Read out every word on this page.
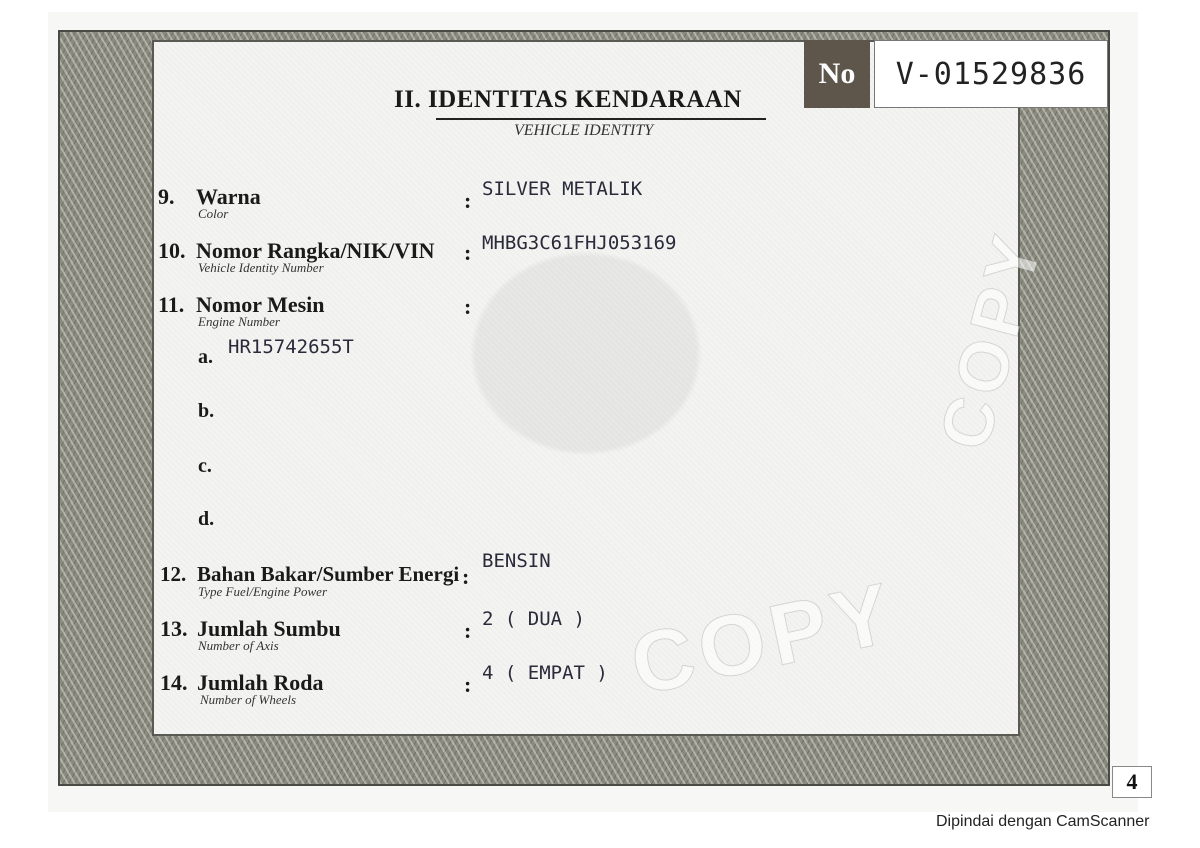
No	V-01529836
4
COPY
COPY
II. IDENTITAS KENDARAAN
VEHICLE IDENTITY
9. Warna
Color
: SILVER METALIK
10. Nomor Rangka/NIK/VIN
Vehicle Identity Number
: MHBG3C61FHJ053169
11. Nomor Mesin
Engine Number
:
a. HR15742655T
b.
c.
d.
12. Bahan Bakar/Sumber Energi
Type Fuel/Engine Power
:
BENSIN
13. Jumlah Sumbu
Number of Axis
: 2 ( DUA )
14. Jumlah Roda
Number of Wheels
: 4 ( EMPAT )
Dipindai dengan CamScanner
